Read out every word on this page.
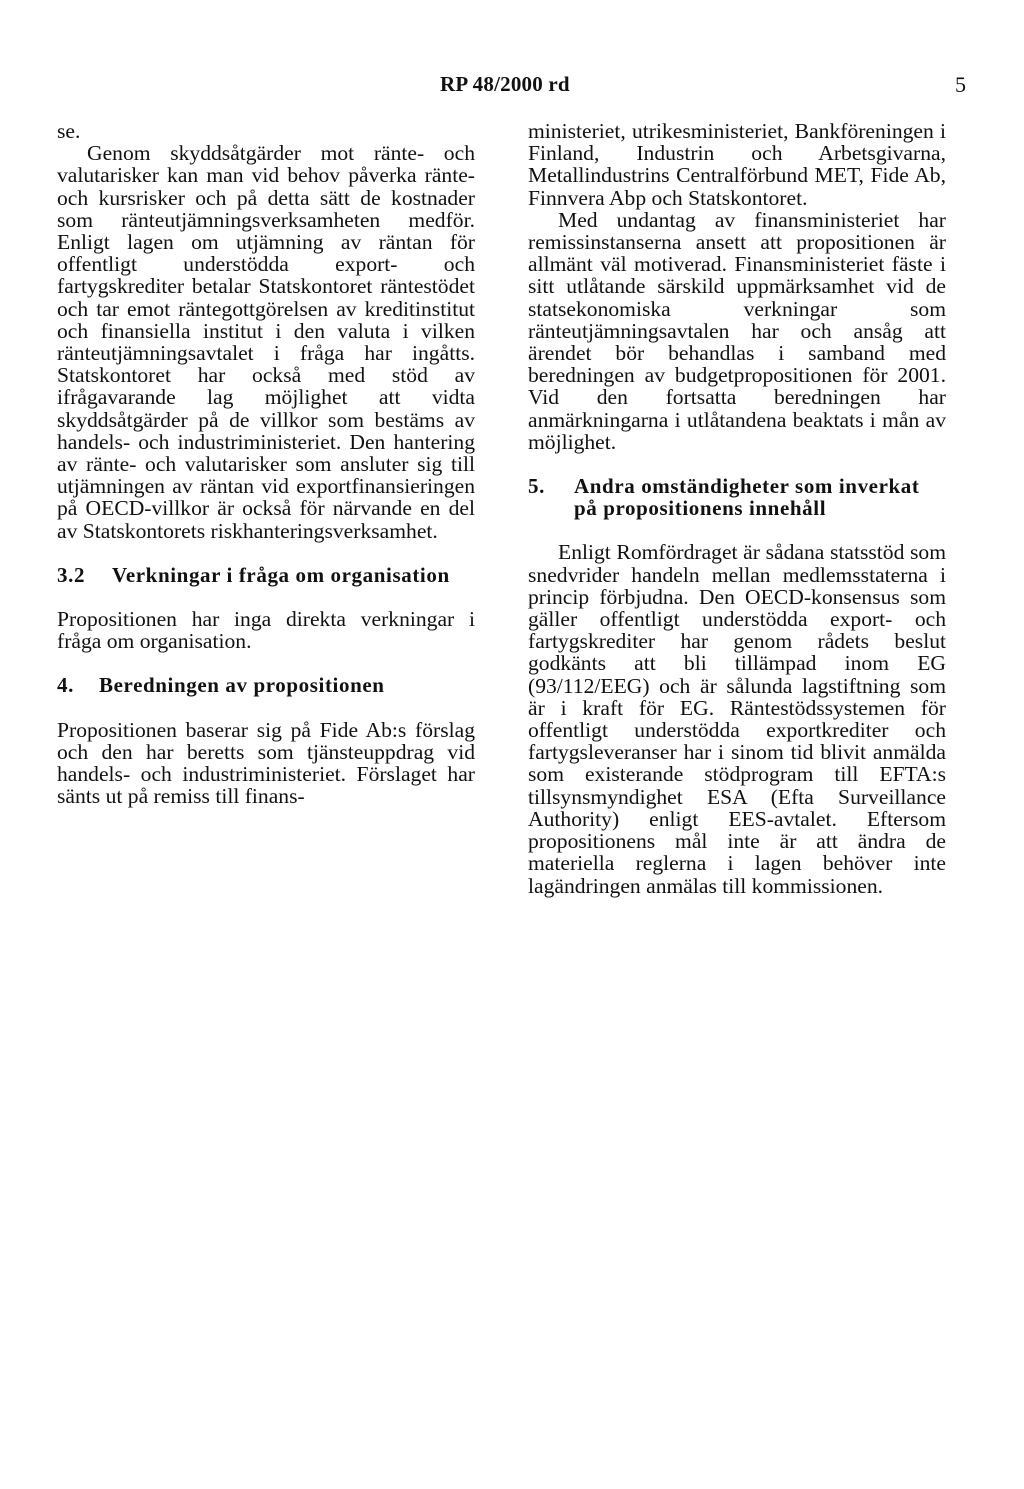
RP 48/2000 rd	5

se.

Genom skyddsåtgärder mot ränte- och valutarisker kan man vid behov påverka ränte- och kursrisker och på detta sätt de kostnader som ränteutjämningsverksamheten medför. Enligt lagen om utjämning av räntan för offentligt understödda export- och fartygskrediter betalar Statskontoret räntestödet och tar emot räntegottgörelsen av kreditinstitut och finansiella institut i den valuta i vilken ränteutjämningsavtalet i fråga har ingåtts. Statskontoret har också med stöd av ifrågavarande lag möjlighet att vidta skyddsåtgärder på de villkor som bestäms av handels- och industriministeriet. Den hantering av ränte- och valutarisker som ansluter sig till utjämningen av räntan vid exportfinansieringen på OECD-villkor är också för närvande en del av Statskontorets riskhanteringsverksamhet.

3.2	Verkningar i fråga om organisation

Propositionen har inga direkta verkningar i fråga om organisation.

4.	Beredningen av propositionen

Propositionen baserar sig på Fide Ab:s förslag och den har beretts som tjänsteuppdrag vid handels- och industriministeriet. Förslaget har sänts ut på remiss till finans-

ministeriet, utrikesministeriet, Bankföreningen i Finland, Industrin och Arbetsgivarna, Metallindustrins Centralförbund MET, Fide Ab, Finnvera Abp och Statskontoret.

Med undantag av finansministeriet har remissinstanserna ansett att propositionen är allmänt väl motiverad. Finansministeriet fäste i sitt utlåtande särskild uppmärksamhet vid de statsekonomiska verkningar som ränteutjämningsavtalen har och ansåg att ärendet bör behandlas i samband med beredningen av budgetpropositionen för 2001. Vid den fortsatta beredningen har anmärkningarna i utlåtandena beaktats i mån av möjlighet.

5.	Andra omständigheter som inverkat på propositionens innehåll

Enligt Romfördraget är sådana statsstöd som snedvrider handeln mellan medlemsstaterna i princip förbjudna. Den OECD-konsensus som gäller offentligt understödda export- och fartygskrediter har genom rådets beslut godkänts att bli tillämpad inom EG (93/112/EEG) och är sålunda lagstiftning som är i kraft för EG. Räntestödssystemen för offentligt understödda exportkrediter och fartygsleveranser har i sinom tid blivit anmälda som existerande stödprogram till EFTA:s tillsynsmyndighet ESA (Efta Surveillance Authority) enligt EES-avtalet. Eftersom propositionens mål inte är att ändra de materiella reglerna i lagen behöver inte lagändringen anmälas till kommissionen.
